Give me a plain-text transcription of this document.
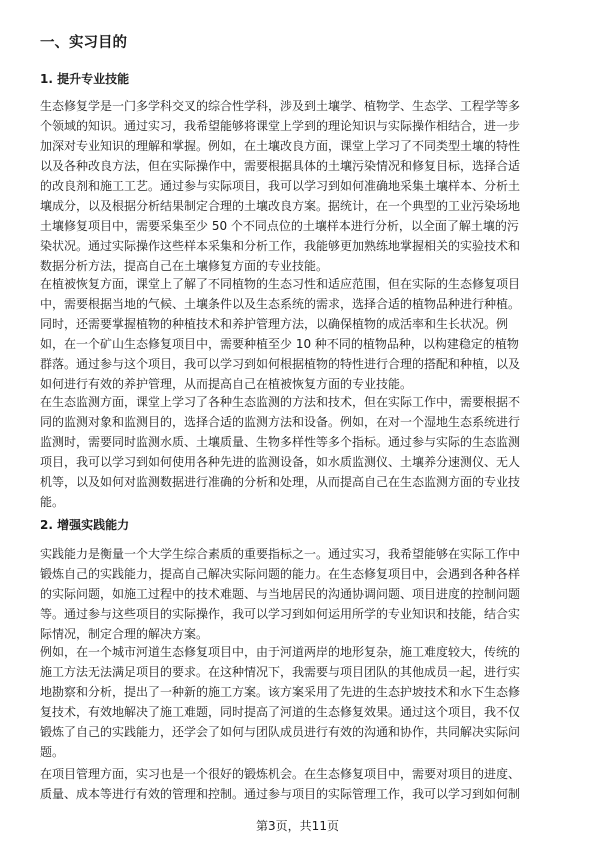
一、实习目的
1. 提升专业技能
生态修复学是一门多学科交叉的综合性学科，涉及到土壤学、植物学、生态学、工程学等多
个领域的知识。通过实习，我希望能够将课堂上学到的理论知识与实际操作相结合，进一步
加深对专业知识的理解和掌握。例如，在土壤改良方面，课堂上学习了不同类型土壤的特性
以及各种改良方法，但在实际操作中，需要根据具体的土壤污染情况和修复目标，选择合适
的改良剂和施工工艺。通过参与实际项目，我可以学习到如何准确地采集土壤样本、分析土
壤成分，以及根据分析结果制定合理的土壤改良方案。据统计，在一个典型的工业污染场地
土壤修复项目中，需要采集至少 50 个不同点位的土壤样本进行分析，以全面了解土壤的污
染状况。通过实际操作这些样本采集和分析工作，我能够更加熟练地掌握相关的实验技术和
数据分析方法，提高自己在土壤修复方面的专业技能。
在植被恢复方面，课堂上了解了不同植物的生态习性和适应范围，但在实际的生态修复项目
中，需要根据当地的气候、土壤条件以及生态系统的需求，选择合适的植物品种进行种植。
同时，还需要掌握植物的种植技术和养护管理方法，以确保植物的成活率和生长状况。例
如，在一个矿山生态修复项目中，需要种植至少 10 种不同的植物品种，以构建稳定的植物
群落。通过参与这个项目，我可以学习到如何根据植物的特性进行合理的搭配和种植，以及
如何进行有效的养护管理，从而提高自己在植被恢复方面的专业技能。
在生态监测方面，课堂上学习了各种生态监测的方法和技术，但在实际工作中，需要根据不
同的监测对象和监测目的，选择合适的监测方法和设备。例如，在对一个湿地生态系统进行
监测时，需要同时监测水质、土壤质量、生物多样性等多个指标。通过参与实际的生态监测
项目，我可以学习到如何使用各种先进的监测设备，如水质监测仪、土壤养分速测仪、无人
机等，以及如何对监测数据进行准确的分析和处理，从而提高自己在生态监测方面的专业技
能。
2. 增强实践能力
实践能力是衡量一个大学生综合素质的重要指标之一。通过实习，我希望能够在实际工作中
锻炼自己的实践能力，提高自己解决实际问题的能力。在生态修复项目中，会遇到各种各样
的实际问题，如施工过程中的技术难题、与当地居民的沟通协调问题、项目进度的控制问题
等。通过参与这些项目的实际操作，我可以学习到如何运用所学的专业知识和技能，结合实
际情况，制定合理的解决方案。
例如，在一个城市河道生态修复项目中，由于河道两岸的地形复杂，施工难度较大，传统的
施工方法无法满足项目的要求。在这种情况下，我需要与项目团队的其他成员一起，进行实
地勘察和分析，提出了一种新的施工方案。该方案采用了先进的生态护坡技术和水下生态修
复技术，有效地解决了施工难题，同时提高了河道的生态修复效果。通过这个项目，我不仅
锻炼了自己的实践能力，还学会了如何与团队成员进行有效的沟通和协作，共同解决实际问
题。
在项目管理方面，实习也是一个很好的锻炼机会。在生态修复项目中，需要对项目的进度、
质量、成本等进行有效的管理和控制。通过参与项目的实际管理工作，我可以学习到如何制
第3页，共11页
